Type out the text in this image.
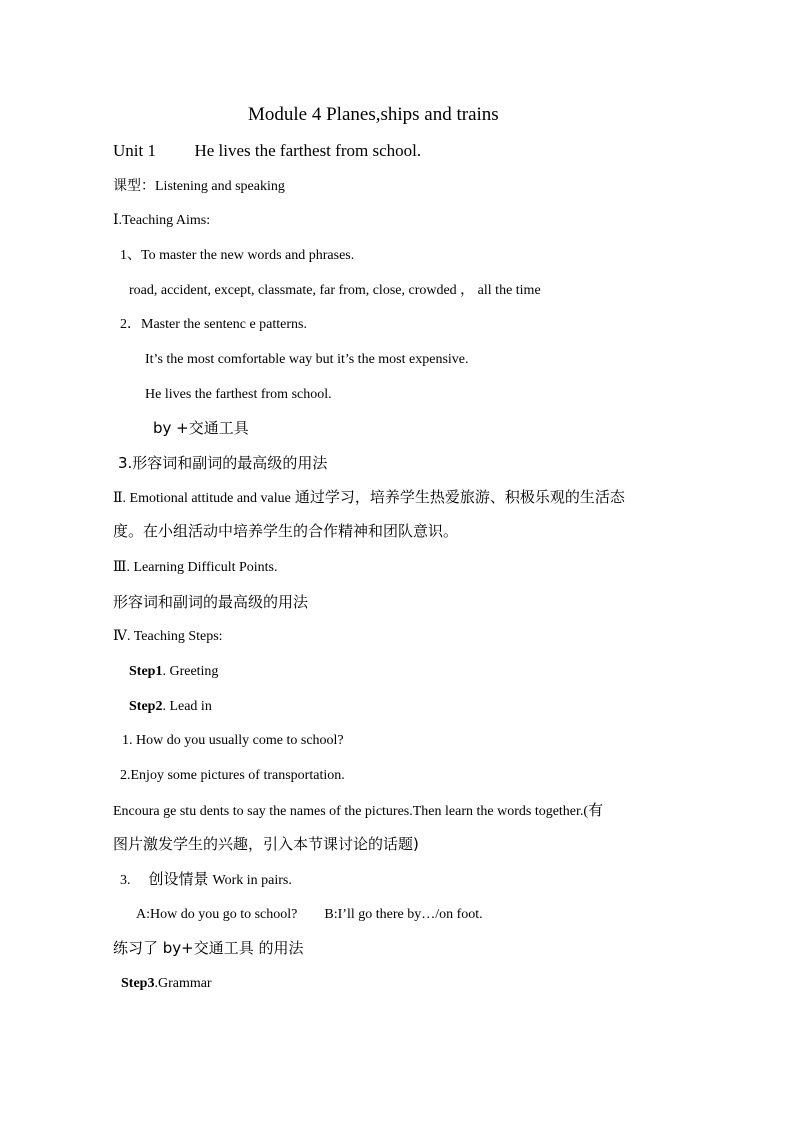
Module 4 Planes,ships and trains
Unit 1 He lives the farthest from school.
课型：Listening and speaking
Ⅰ.Teaching Aims:
1、To master the new words and phrases.
road, accident, except, classmate, far from, close, crowded ， all the time
2．Master the sentenc e patterns.
It’s the most comfortable way but it’s the most expensive.
He lives the farthest from school.
by +交通工具
3.形容词和副词的最高级的用法
Ⅱ. Emotional attitude and value 通过学习，培养学生热爱旅游、积极乐观的生活态
度。在小组活动中培养学生的合作精神和团队意识。
Ⅲ. Learning Difficult Points.
形容词和副词的最高级的用法
Ⅳ. Teaching Steps:
Step1. Greeting
Step2. Lead in
1. How do you usually come to school?
2.Enjoy some pictures of transportation.
Encoura ge stu dents to say the names of the pictures.Then learn the words together.(有
图片激发学生的兴趣，引入本节课讨论的话题)
3. 创设情景 Work in pairs.
A:How do you go to school? B:I’ll go there by…/on foot.
练习了 by+交通工具 的用法
Step3.Grammar
